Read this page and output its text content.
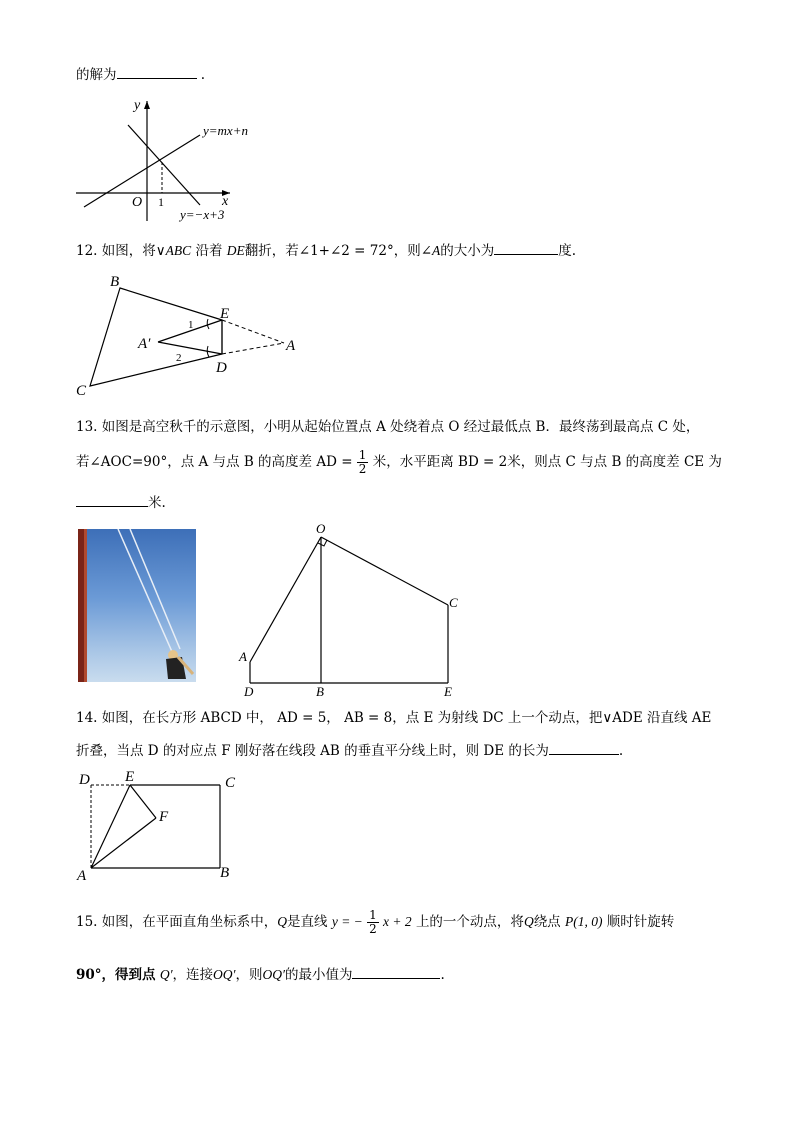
的解为	.
y
x
O 1
y=mx+n
y=−x+3
12. 如图，将∨ABC 沿着 DE翻折，若∠1+∠2 = 72°，则∠A的大小为	度.
B
E
A′	A
C
D
1
2
13. 如图是高空秋千的示意图，小明从起始位置点 A 处绕着点 O 经过最低点 B．最终荡到最高点 C 处，
若∠AOC=90°，点 A 与点 B 的高度差 AD = $\frac{1}{2}$ 米，水平距离 BD = 2米，则点 C 与点 B 的高度差 CE 为
米.
O
C
A
D	B	E
14. 如图，在长方形 ABCD 中， AD = 5， AB = 8，点 E 为射线 DC 上一个动点，把∨ADE 沿直线 AE
折叠，当点 D 的对应点 F 刚好落在线段 AB 的垂直平分线上时，则 DE 的长为	.
D E	C
F
A	B
15. 如图，在平面直角坐标系中，Q是直线 y = − $\frac{1}{2}$ x + 2 上的一个动点，将Q绕点 P(1, 0) 顺时针旋转
90°，得到点 Q′，连接OQ′，则OQ′的最小值为	.
